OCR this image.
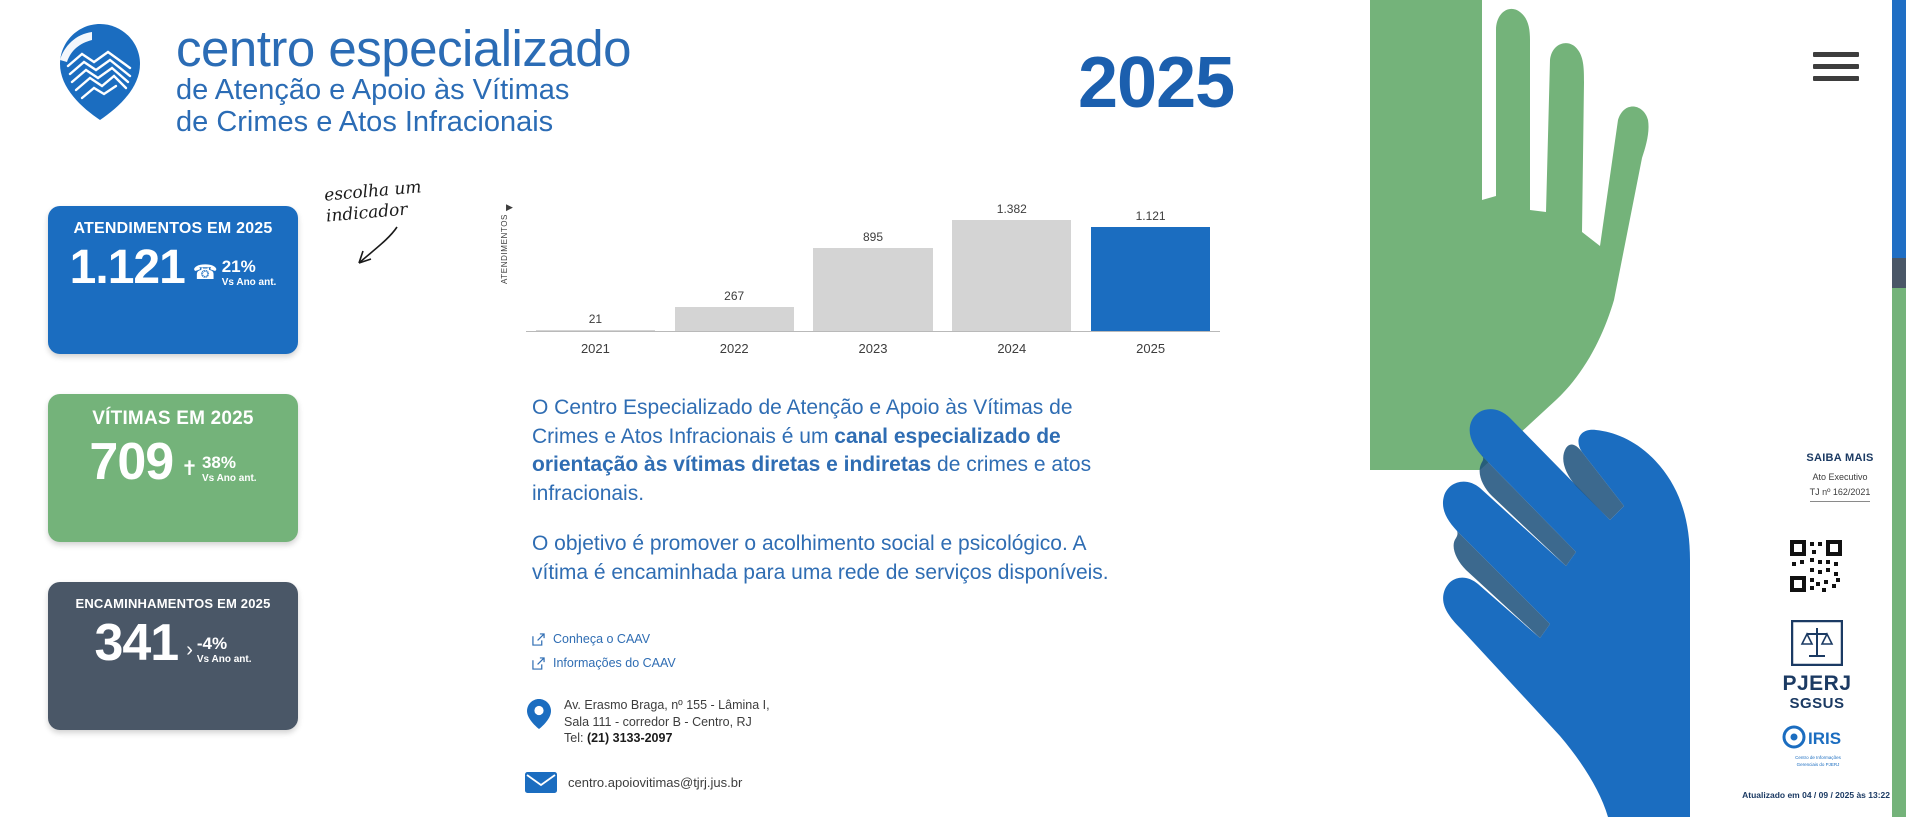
centro especializado
de Atenção e Apoio às Vítimas
de Crimes e Atos Infracionais	2025
ATENDIMENTOS EM 2025
1.121 ☎ 21%
Vs Ano ant.
VÍTIMAS EM 2025
709 ✝ 38%
Vs Ano ant.
ENCAMINHAMENTOS EM 2025
341 › -4%
Vs Ano ant.
escolha um indicador	▶
ATENDIMENTOS
21
267
895
1.382	1.121
2021	2022	2023	2024	2025

O Centro Especializado de Atenção e Apoio às Vítimas de Crimes e Atos Infracionais é um canal especializado de orientação às vítimas diretas e indiretas de crimes e atos infracionais.

O objetivo é promover o acolhimento social e psicológico. A vítima é encaminhada para uma rede de serviços disponíveis.

Conheça o CAAV
Informações do CAAV
Av. Erasmo Braga, nº 155 - Lâmina I,
Sala 111 - corredor B - Centro, RJ
Tel: (21) 3133-2097
centro.apoiovitimas@tjrj.jus.br
SAIBA MAIS
Ato Executivo
TJ nº 162/2021
PJERJ
SGSUS
IRIS
Centro de Informações
Gerenciais do PJERJ
Atualizado em 04 / 09 / 2025 às 13:22
